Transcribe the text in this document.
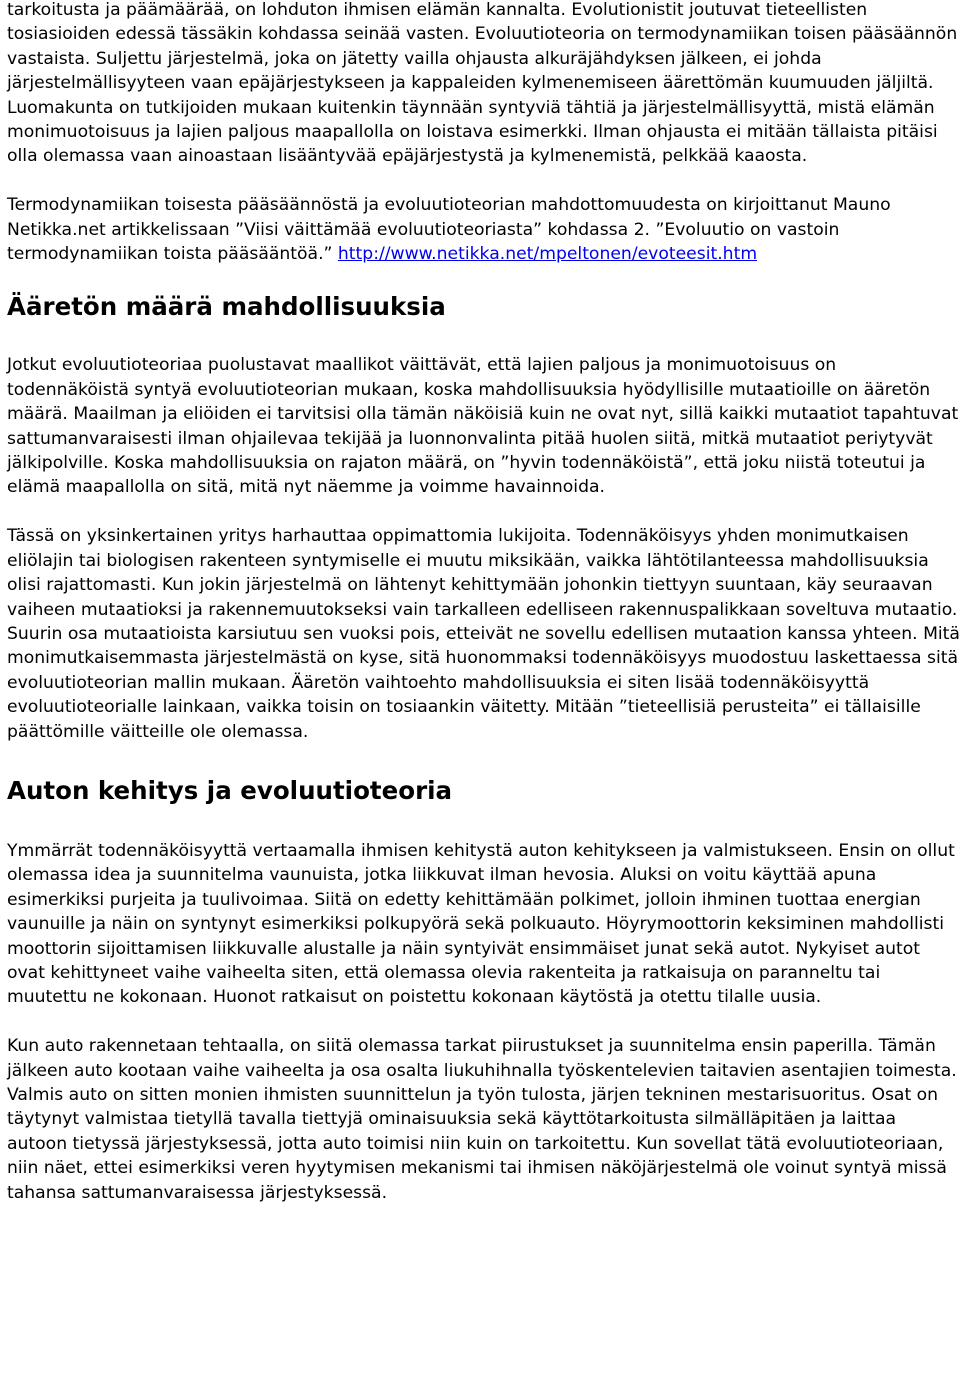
tarkoitusta ja päämäärää, on lohduton ihmisen elämän kannalta. Evolutionistit joutuvat tieteellisten tosiasioiden edessä tässäkin kohdassa seinää vasten. Evoluutioteoria on termodynamiikan toisen pääsäännön vastaista. Suljettu järjestelmä, joka on jätetty vailla ohjausta alkuräjähdyksen jälkeen, ei johda järjestelmällisyyteen vaan epäjärjestykseen ja kappaleiden kylmenemiseen äärettömän kuumuuden jäljiltä. Luomakunta on tutkijoiden mukaan kuitenkin täynnään syntyviä tähtiä ja järjestelmällisyyttä, mistä elämän monimuotoisuus ja lajien paljous maapallolla on loistava esimerkki. Ilman ohjausta ei mitään tällaista pitäisi olla olemassa vaan ainoastaan lisääntyvää epäjärjestystä ja kylmenemistä, pelkkää kaaosta.

Termodynamiikan toisesta pääsäännöstä ja evoluutioteorian mahdottomuudesta on kirjoittanut Mauno Netikka.net artikkelissaan ”Viisi väittämää evoluutioteoriasta” kohdassa 2. ”Evoluutio on vastoin termodynamiikan toista pääsääntöä.” http://www.netikka.net/mpeltonen/evoteesit.htm

Ääretön määrä mahdollisuuksia

Jotkut evoluutioteoriaa puolustavat maallikot väittävät, että lajien paljous ja monimuotoisuus on todennäköistä syntyä evoluutioteorian mukaan, koska mahdollisuuksia hyödyllisille mutaatioille on ääretön määrä. Maailman ja eliöiden ei tarvitsisi olla tämän näköisiä kuin ne ovat nyt, sillä kaikki mutaatiot tapahtuvat sattumanvaraisesti ilman ohjailevaa tekijää ja luonnonvalinta pitää huolen siitä, mitkä mutaatiot periytyvät jälkipolville. Koska mahdollisuuksia on rajaton määrä, on ”hyvin todennäköistä”, että joku niistä toteutui ja elämä maapallolla on sitä, mitä nyt näemme ja voimme havainnoida.

Tässä on yksinkertainen yritys harhauttaa oppimattomia lukijoita. Todennäköisyys yhden monimutkaisen eliölajin tai biologisen rakenteen syntymiselle ei muutu miksikään, vaikka lähtötilanteessa mahdollisuuksia olisi rajattomasti. Kun jokin järjestelmä on lähtenyt kehittymään johonkin tiettyyn suuntaan, käy seuraavan vaiheen mutaatioksi ja rakennemuutokseksi vain tarkalleen edelliseen rakennuspalikkaan soveltuva mutaatio. Suurin osa mutaatioista karsiutuu sen vuoksi pois, etteivät ne sovellu edellisen mutaation kanssa yhteen. Mitä monimutkaisemmasta järjestelmästä on kyse, sitä huonommaksi todennäköisyys muodostuu laskettaessa sitä evoluutioteorian mallin mukaan. Ääretön vaihtoehto mahdollisuuksia ei siten lisää todennäköisyyttä evoluutioteorialle lainkaan, vaikka toisin on tosiaankin väitetty. Mitään ”tieteellisiä perusteita” ei tällaisille päättömille väitteille ole olemassa.

Auton kehitys ja evoluutioteoria

Ymmärrät todennäköisyyttä vertaamalla ihmisen kehitystä auton kehitykseen ja valmistukseen. Ensin on ollut olemassa idea ja suunnitelma vaunuista, jotka liikkuvat ilman hevosia. Aluksi on voitu käyttää apuna esimerkiksi purjeita ja tuulivoimaa. Siitä on edetty kehittämään polkimet, jolloin ihminen tuottaa energian vaunuille ja näin on syntynyt esimerkiksi polkupyörä sekä polkuauto. Höyrymoottorin keksiminen mahdollisti moottorin sijoittamisen liikkuvalle alustalle ja näin syntyivät ensimmäiset junat sekä autot. Nykyiset autot ovat kehittyneet vaihe vaiheelta siten, että olemassa olevia rakenteita ja ratkaisuja on paranneltu tai muutettu ne kokonaan. Huonot ratkaisut on poistettu kokonaan käytöstä ja otettu tilalle uusia.

Kun auto rakennetaan tehtaalla, on siitä olemassa tarkat piirustukset ja suunnitelma ensin paperilla. Tämän jälkeen auto kootaan vaihe vaiheelta ja osa osalta liukuhihnalla työskentelevien taitavien asentajien toimesta. Valmis auto on sitten monien ihmisten suunnittelun ja työn tulosta, järjen tekninen mestarisuoritus. Osat on täytynyt valmistaa tietyllä tavalla tiettyjä ominaisuuksia sekä käyttötarkoitusta silmälläpitäen ja laittaa autoon tietyssä järjestyksessä, jotta auto toimisi niin kuin on tarkoitettu. Kun sovellat tätä evoluutioteoriaan, niin näet, ettei esimerkiksi veren hyytymisen mekanismi tai ihmisen näköjärjestelmä ole voinut syntyä missä tahansa sattumanvaraisessa järjestyksessä.
